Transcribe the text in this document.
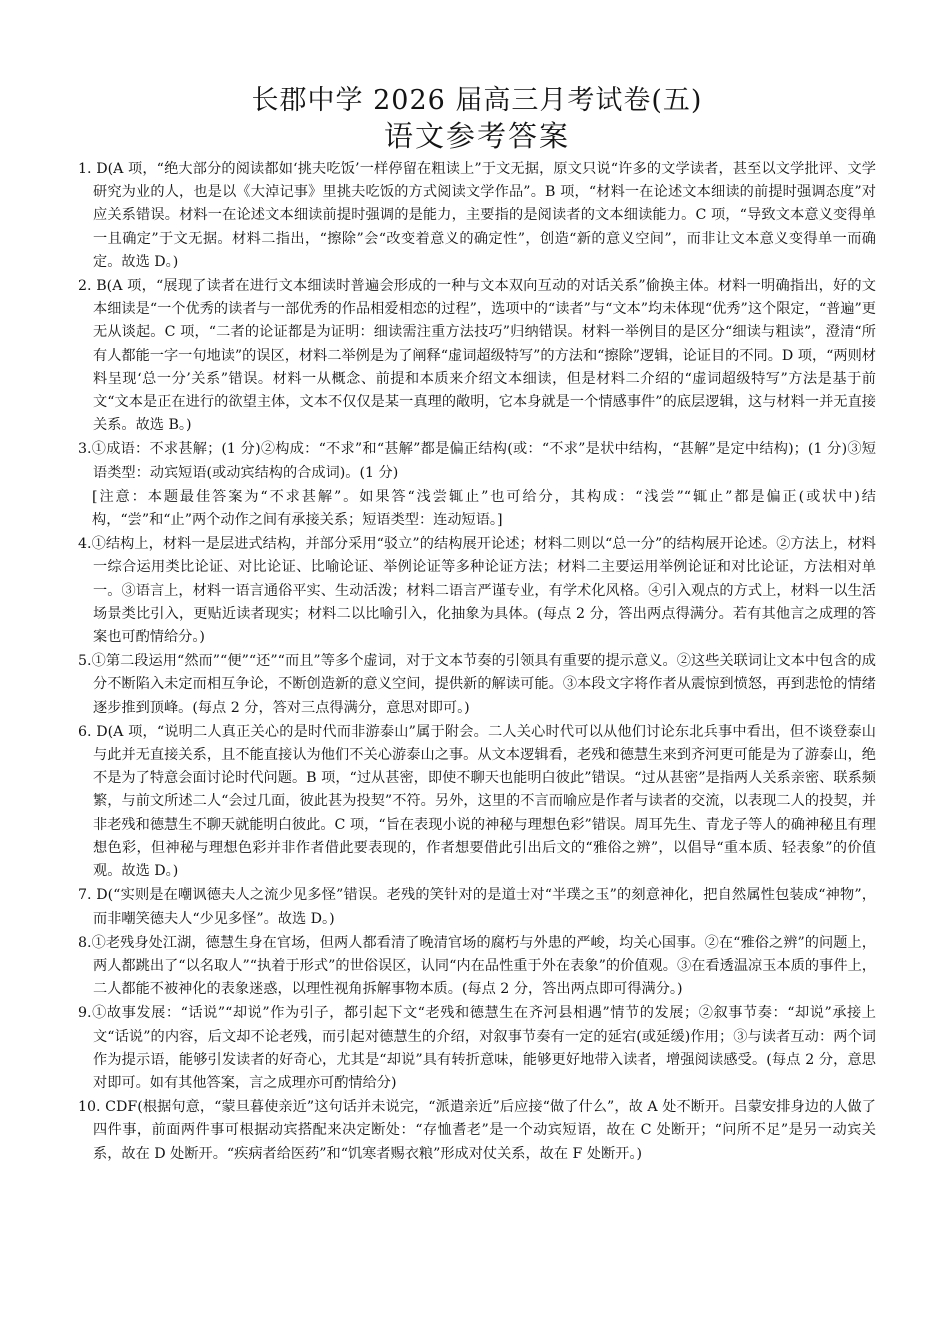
长郡中学 2026 届高三月考试卷(五)
语文参考答案

1. D(A 项，“绝大部分的阅读都如‘挑夫吃饭’一样停留在粗读上”于文无据，原文只说“许多的文学读者，甚至以文学批评、文学研究为业的人，也是以《大淖记事》里挑夫吃饭的方式阅读文学作品”。B 项，“材料一在论述文本细读的前提时强调态度”对应关系错误。材料一在论述文本细读前提时强调的是能力，主要指的是阅读者的文本细读能力。C 项，“导致文本意义变得单一且确定”于文无据。材料二指出，“擦除”会“改变着意义的确定性”，创造“新的意义空间”，而非让文本意义变得单一而确定。故选 D。)

2. B(A 项，“展现了读者在进行文本细读时普遍会形成的一种与文本双向互动的对话关系”偷换主体。材料一明确指出，好的文本细读是“一个优秀的读者与一部优秀的作品相爱相恋的过程”，选项中的“读者”与“文本”均未体现“优秀”这个限定，“普遍”更无从谈起。C 项，“二者的论证都是为证明：细读需注重方法技巧”归纳错误。材料一举例目的是区分“细读与粗读”，澄清“所有人都能一字一句地读”的误区，材料二举例是为了阐释“虚词超级特写”的方法和“擦除”逻辑，论证目的不同。D 项，“两则材料呈现‘总一分’关系”错误。材料一从概念、前提和本质来介绍文本细读，但是材料二介绍的“虚词超级特写”方法是基于前文“文本是正在进行的欲望主体，文本不仅仅是某一真理的敞明，它本身就是一个情感事件”的底层逻辑，这与材料一并无直接关系。故选 B。)

3.①成语：不求甚解；(1 分)②构成：“不求”和“甚解”都是偏正结构(或：“不求”是状中结构，“甚解”是定中结构)；(1 分)③短语类型：动宾短语(或动宾结构的合成词)。(1 分)

[注意：本题最佳答案为“不求甚解”。如果答“浅尝辄止”也可给分，其构成：“浅尝”“辄止”都是偏正(或状中)结构，“尝”和“止”两个动作之间有承接关系；短语类型：连动短语。]

4.①结构上，材料一是层进式结构，并部分采用“驳立”的结构展开论述；材料二则以“总一分”的结构展开论述。②方法上，材料一综合运用类比论证、对比论证、比喻论证、举例论证等多种论证方法；材料二主要运用举例论证和对比论证，方法相对单一。③语言上，材料一语言通俗平实、生动活泼；材料二语言严谨专业，有学术化风格。④引入观点的方式上，材料一以生活场景类比引入，更贴近读者现实；材料二以比喻引入，化抽象为具体。(每点 2 分，答出两点得满分。若有其他言之成理的答案也可酌情给分。)

5.①第二段运用“然而”“便”“还”“而且”等多个虚词，对于文本节奏的引领具有重要的提示意义。②这些关联词让文本中包含的成分不断陷入未定而相互争论，不断创造新的意义空间，提供新的解读可能。③本段文字将作者从震惊到愤怒，再到悲怆的情绪逐步推到顶峰。(每点 2 分，答对三点得满分，意思对即可。)

6. D(A 项，“说明二人真正关心的是时代而非游泰山”属于附会。二人关心时代可以从他们讨论东北兵事中看出，但不谈登泰山与此并无直接关系，且不能直接认为他们不关心游泰山之事。从文本逻辑看，老残和德慧生来到齐河更可能是为了游泰山，绝不是为了特意会面讨论时代问题。B 项，“过从甚密，即使不聊天也能明白彼此”错误。“过从甚密”是指两人关系亲密、联系频繁，与前文所述二人“会过几面，彼此甚为投契”不符。另外，这里的不言而喻应是作者与读者的交流，以表现二人的投契，并非老残和德慧生不聊天就能明白彼此。C 项，“旨在表现小说的神秘与理想色彩”错误。周耳先生、青龙子等人的确神秘且有理想色彩，但神秘与理想色彩并非作者借此要表现的，作者想要借此引出后文的“雅俗之辨”，以倡导“重本质、轻表象”的价值观。故选 D。)

7. D(“实则是在嘲讽德夫人之流少见多怪”错误。老残的笑针对的是道士对“半璞之玉”的刻意神化，把自然属性包装成“神物”，而非嘲笑德夫人“少见多怪”。故选 D。)

8.①老残身处江湖，德慧生身在官场，但两人都看清了晚清官场的腐朽与外患的严峻，均关心国事。②在“雅俗之辨”的问题上，两人都跳出了“以名取人”“执着于形式”的世俗误区，认同“内在品性重于外在表象”的价值观。③在看透温凉玉本质的事件上，二人都能不被神化的表象迷惑，以理性视角拆解事物本质。(每点 2 分，答出两点即可得满分。)

9.①故事发展：“话说”“却说”作为引子，都引起下文“老残和德慧生在齐河县相遇”情节的发展；②叙事节奏：“却说”承接上文“话说”的内容，后文却不论老残，而引起对德慧生的介绍，对叙事节奏有一定的延宕(或延缓)作用；③与读者互动：两个词作为提示语，能够引发读者的好奇心，尤其是“却说”具有转折意味，能够更好地带入读者，增强阅读感受。(每点 2 分，意思对即可。如有其他答案，言之成理亦可酌情给分)

10. CDF(根据句意，“蒙旦暮使亲近”这句话并未说完，“派遣亲近”后应接“做了什么”，故 A 处不断开。吕蒙安排身边的人做了四件事，前面两件事可根据动宾搭配来决定断处：“存恤耆老”是一个动宾短语，故在 C 处断开；“问所不足”是另一动宾关系，故在 D 处断开。“疾病者给医药”和“饥寒者赐衣粮”形成对仗关系，故在 F 处断开。)
